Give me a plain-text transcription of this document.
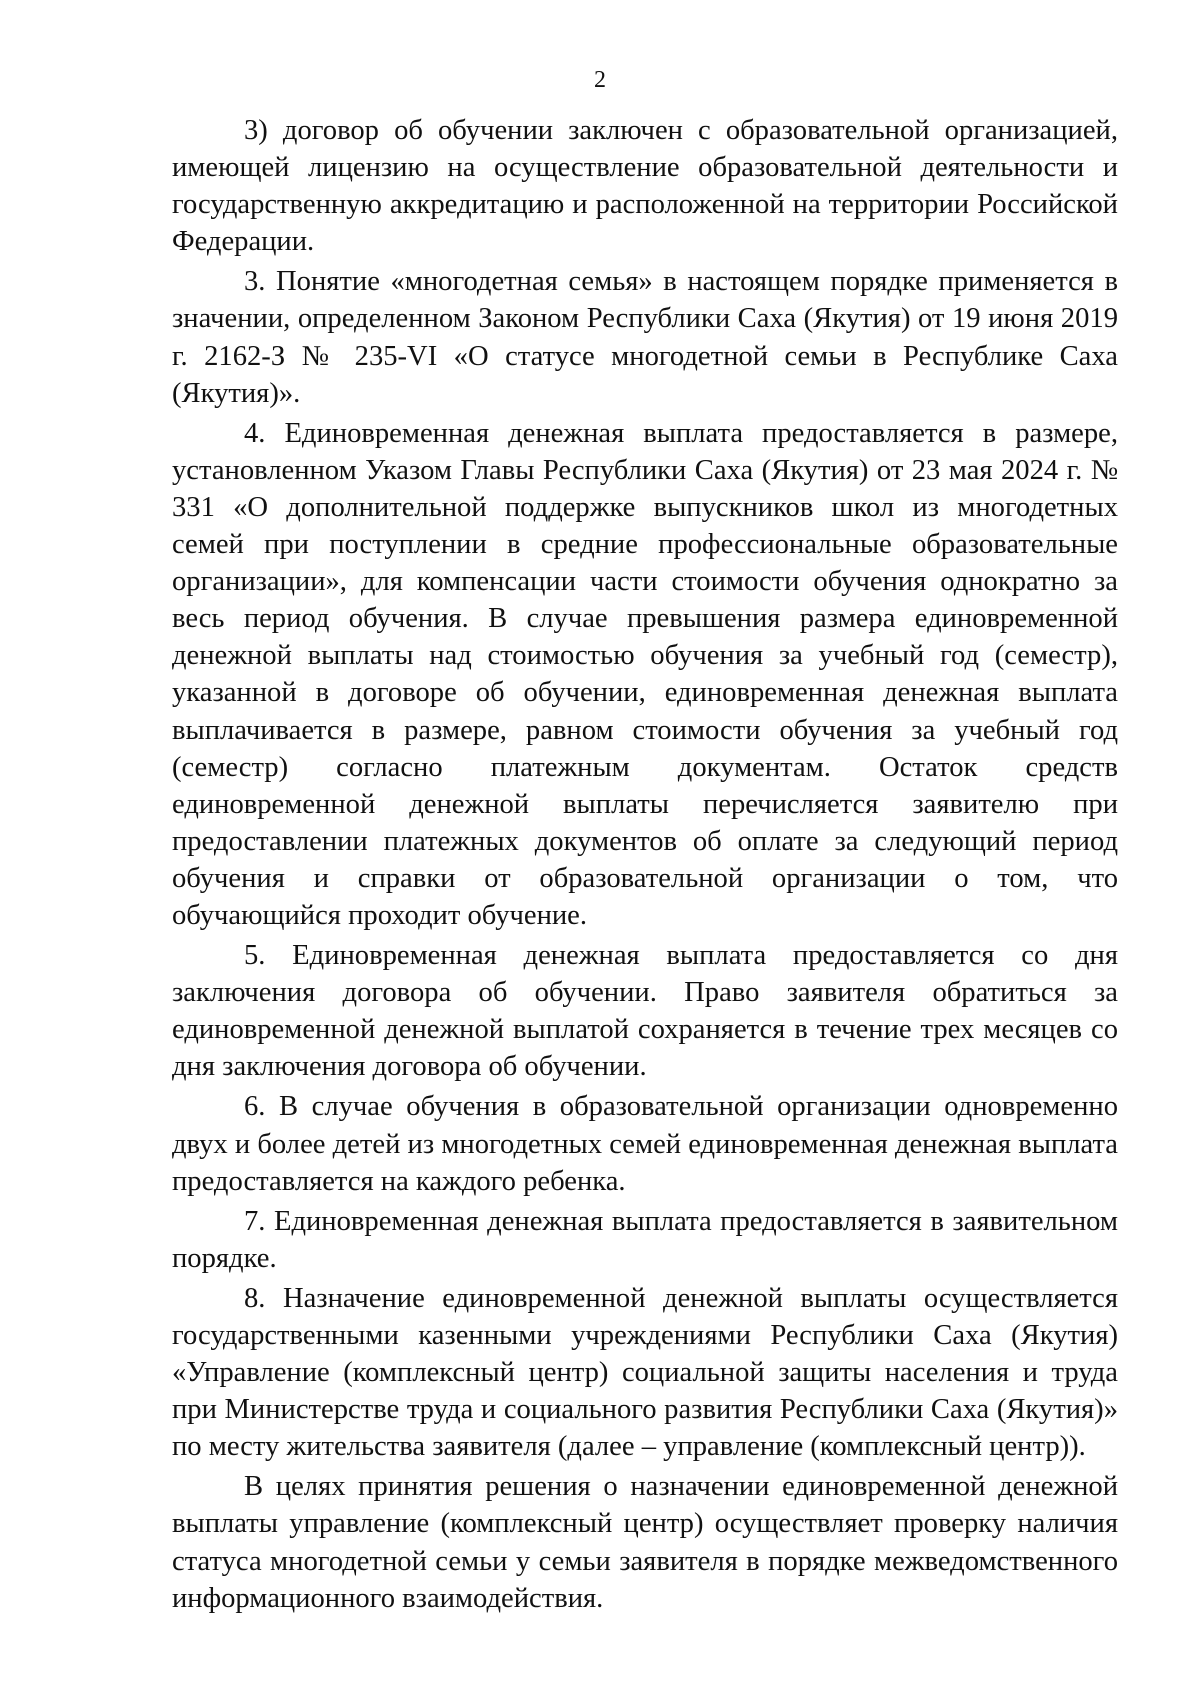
2

3) договор об обучении заключен с образовательной организацией, имеющей лицензию на осуществление образовательной деятельности и государственную аккредитацию и расположенной на территории Российской Федерации.

3. Понятие «многодетная семья» в настоящем порядке применяется в значении, определенном Законом Республики Саха (Якутия) от 19 июня 2019 г. 2162-З № 235-VI «О статусе многодетной семьи в Республике Саха (Якутия)».

4. Единовременная денежная выплата предоставляется в размере, установленном Указом Главы Республики Саха (Якутия) от 23 мая 2024 г. № 331 «О дополнительной поддержке выпускников школ из многодетных семей при поступлении в средние профессиональные образовательные организации», для компенсации части стоимости обучения однократно за весь период обучения. В случае превышения размера единовременной денежной выплаты над стоимостью обучения за учебный год (семестр), указанной в договоре об обучении, единовременная денежная выплата выплачивается в размере, равном стоимости обучения за учебный год (семестр) согласно платежным документам. Остаток средств единовременной денежной выплаты перечисляется заявителю при предоставлении платежных документов об оплате за следующий период обучения и справки от образовательной организации о том, что обучающийся проходит обучение.

5. Единовременная денежная выплата предоставляется со дня заключения договора об обучении. Право заявителя обратиться за единовременной денежной выплатой сохраняется в течение трех месяцев со дня заключения договора об обучении.

6. В случае обучения в образовательной организации одновременно двух и более детей из многодетных семей единовременная денежная выплата предоставляется на каждого ребенка.

7. Единовременная денежная выплата предоставляется в заявительном порядке.

8. Назначение единовременной денежной выплаты осуществляется государственными казенными учреждениями Республики Саха (Якутия) «Управление (комплексный центр) социальной защиты населения и труда при Министерстве труда и социального развития Республики Саха (Якутия)» по месту жительства заявителя (далее – управление (комплексный центр)).

В целях принятия решения о назначении единовременной денежной выплаты управление (комплексный центр) осуществляет проверку наличия статуса многодетной семьи у семьи заявителя в порядке межведомственного информационного взаимодействия.
